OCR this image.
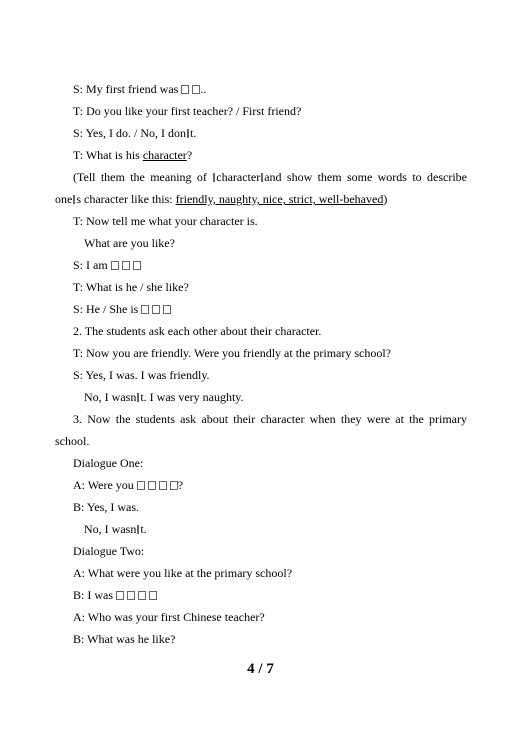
S: My first friend was ..
T: Do you like your first teacher? / First friend?
S: Yes, I do. / No, I don t.
T: What is his character?
(Tell them the meaning of character and show them some words to describe
one s character like this: friendly, naughty, nice, strict, well-behaved)
T: Now tell me what your character is.
What are you like?
S: I am
T: What is he / she like?
S: He / She is
2. The students ask each other about their character.
T: Now you are friendly. Were you friendly at the primary school?
S: Yes, I was. I was friendly.
No, I wasn t. I was very naughty.
3. Now the students ask about their character when they were at the primary
school.
Dialogue One:
A: Were you	?
B: Yes, I was.
No, I wasn t.
Dialogue Two:
A: What were you like at the primary school?
B: I was
A: Who was your first Chinese teacher?
B: What was he like?
4 / 7
